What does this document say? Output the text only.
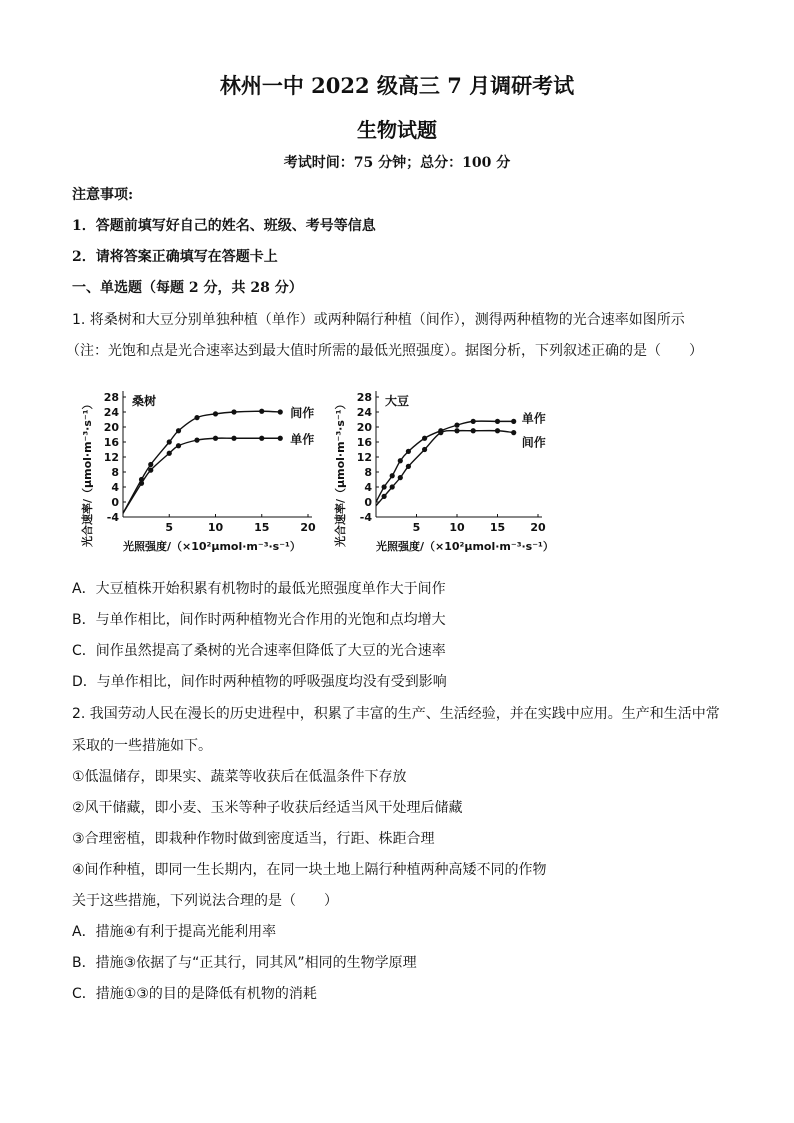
林州一中 2022 级高三 7 月调研考试
生物试题
考试时间：75 分钟；总分：100 分
注意事项:
1．答题前填写好自己的姓名、班级、考号等信息
2．请将答案正确填写在答题卡上
一、单选题（每题 2 分，共 28 分）
1. 将桑树和大豆分别单独种植（单作）或两种隔行种植（间作），测得两种植物的光合速率如图所示
（注：光饱和点是光合速率达到最大值时所需的最低光照强度）。据图分析，下列叙述正确的是（　　）
28
24
20
16
12
8
4
0
-4
5	10	15	20
桑树
光照强度/（×10²μmol·m⁻³·s⁻¹）
光合速率/（μmol·m⁻³·s⁻¹）	间作
单作
28
24
20
16
12
8
4
0
-4
5	10 15 20
大豆
光照强度/（×10²μmol·m⁻³·s⁻¹）
光合速率/（μmol·m⁻³·s⁻¹）	单作
间作
A．大豆植株开始积累有机物时的最低光照强度单作大于间作
B．与单作相比，间作时两种植物光合作用的光饱和点均增大
C．间作虽然提高了桑树的光合速率但降低了大豆的光合速率
D．与单作相比，间作时两种植物的呼吸强度均没有受到影响
2. 我国劳动人民在漫长的历史进程中，积累了丰富的生产、生活经验，并在实践中应用。生产和生活中常
采取的一些措施如下。
①低温储存，即果实、蔬菜等收获后在低温条件下存放
②风干储藏，即小麦、玉米等种子收获后经适当风干处理后储藏
③合理密植，即栽种作物时做到密度适当，行距、株距合理
④间作种植，即同一生长期内，在同一块土地上隔行种植两种高矮不同的作物
关于这些措施，下列说法合理的是（　　）
A．措施④有利于提高光能利用率
B．措施③依据了与“正其行，同其风”相同的生物学原理
C．措施①③的目的是降低有机物的消耗
